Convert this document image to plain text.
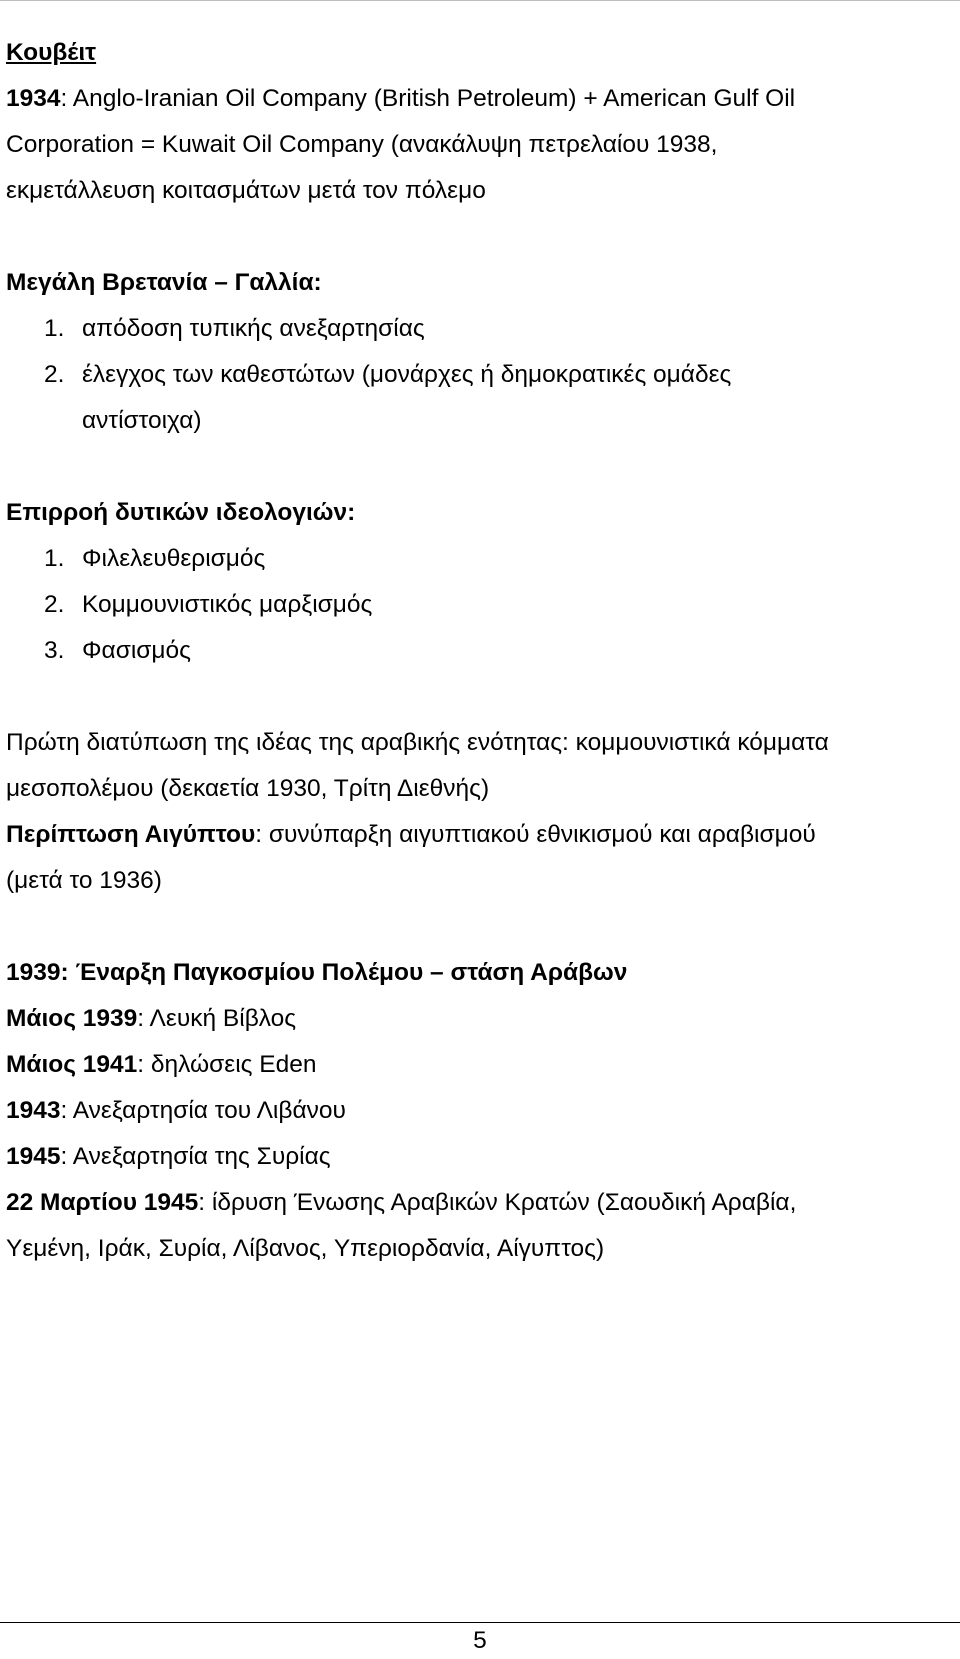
Κουβέιτ
1934: Anglo-Iranian Oil Company (British Petroleum) + American Gulf Oil
Corporation = Kuwait Oil Company (ανακάλυψη πετρελαίου 1938,
εκμετάλλευση κοιτασμάτων μετά τον πόλεμο
Μεγάλη Βρετανία – Γαλλία:
1. απόδοση τυπικής ανεξαρτησίας
2. έλεγχος των καθεστώτων (μονάρχες ή δημοκρατικές ομάδες
αντίστοιχα)
Επιρροή δυτικών ιδεολογιών:
1. Φιλελευθερισμός
2. Κομμουνιστικός μαρξισμός
3. Φασισμός
Πρώτη διατύπωση της ιδέας της αραβικής ενότητας: κομμουνιστικά κόμματα
μεσοπολέμου (δεκαετία 1930, Τρίτη Διεθνής)
Περίπτωση Αιγύπτου: συνύπαρξη αιγυπτιακού εθνικισμού και αραβισμού
(μετά το 1936)
1939: Έναρξη Παγκοσμίου Πολέμου – στάση Αράβων
Μάιος 1939: Λευκή Βίβλος
Μάιος 1941: δηλώσεις Eden
1943: Ανεξαρτησία του Λιβάνου
1945: Ανεξαρτησία της Συρίας
22 Μαρτίου 1945: ίδρυση Ένωσης Αραβικών Κρατών (Σαουδική Αραβία,
Υεμένη, Ιράκ, Συρία, Λίβανος, Υπεριορδανία, Αίγυπτος)
5
